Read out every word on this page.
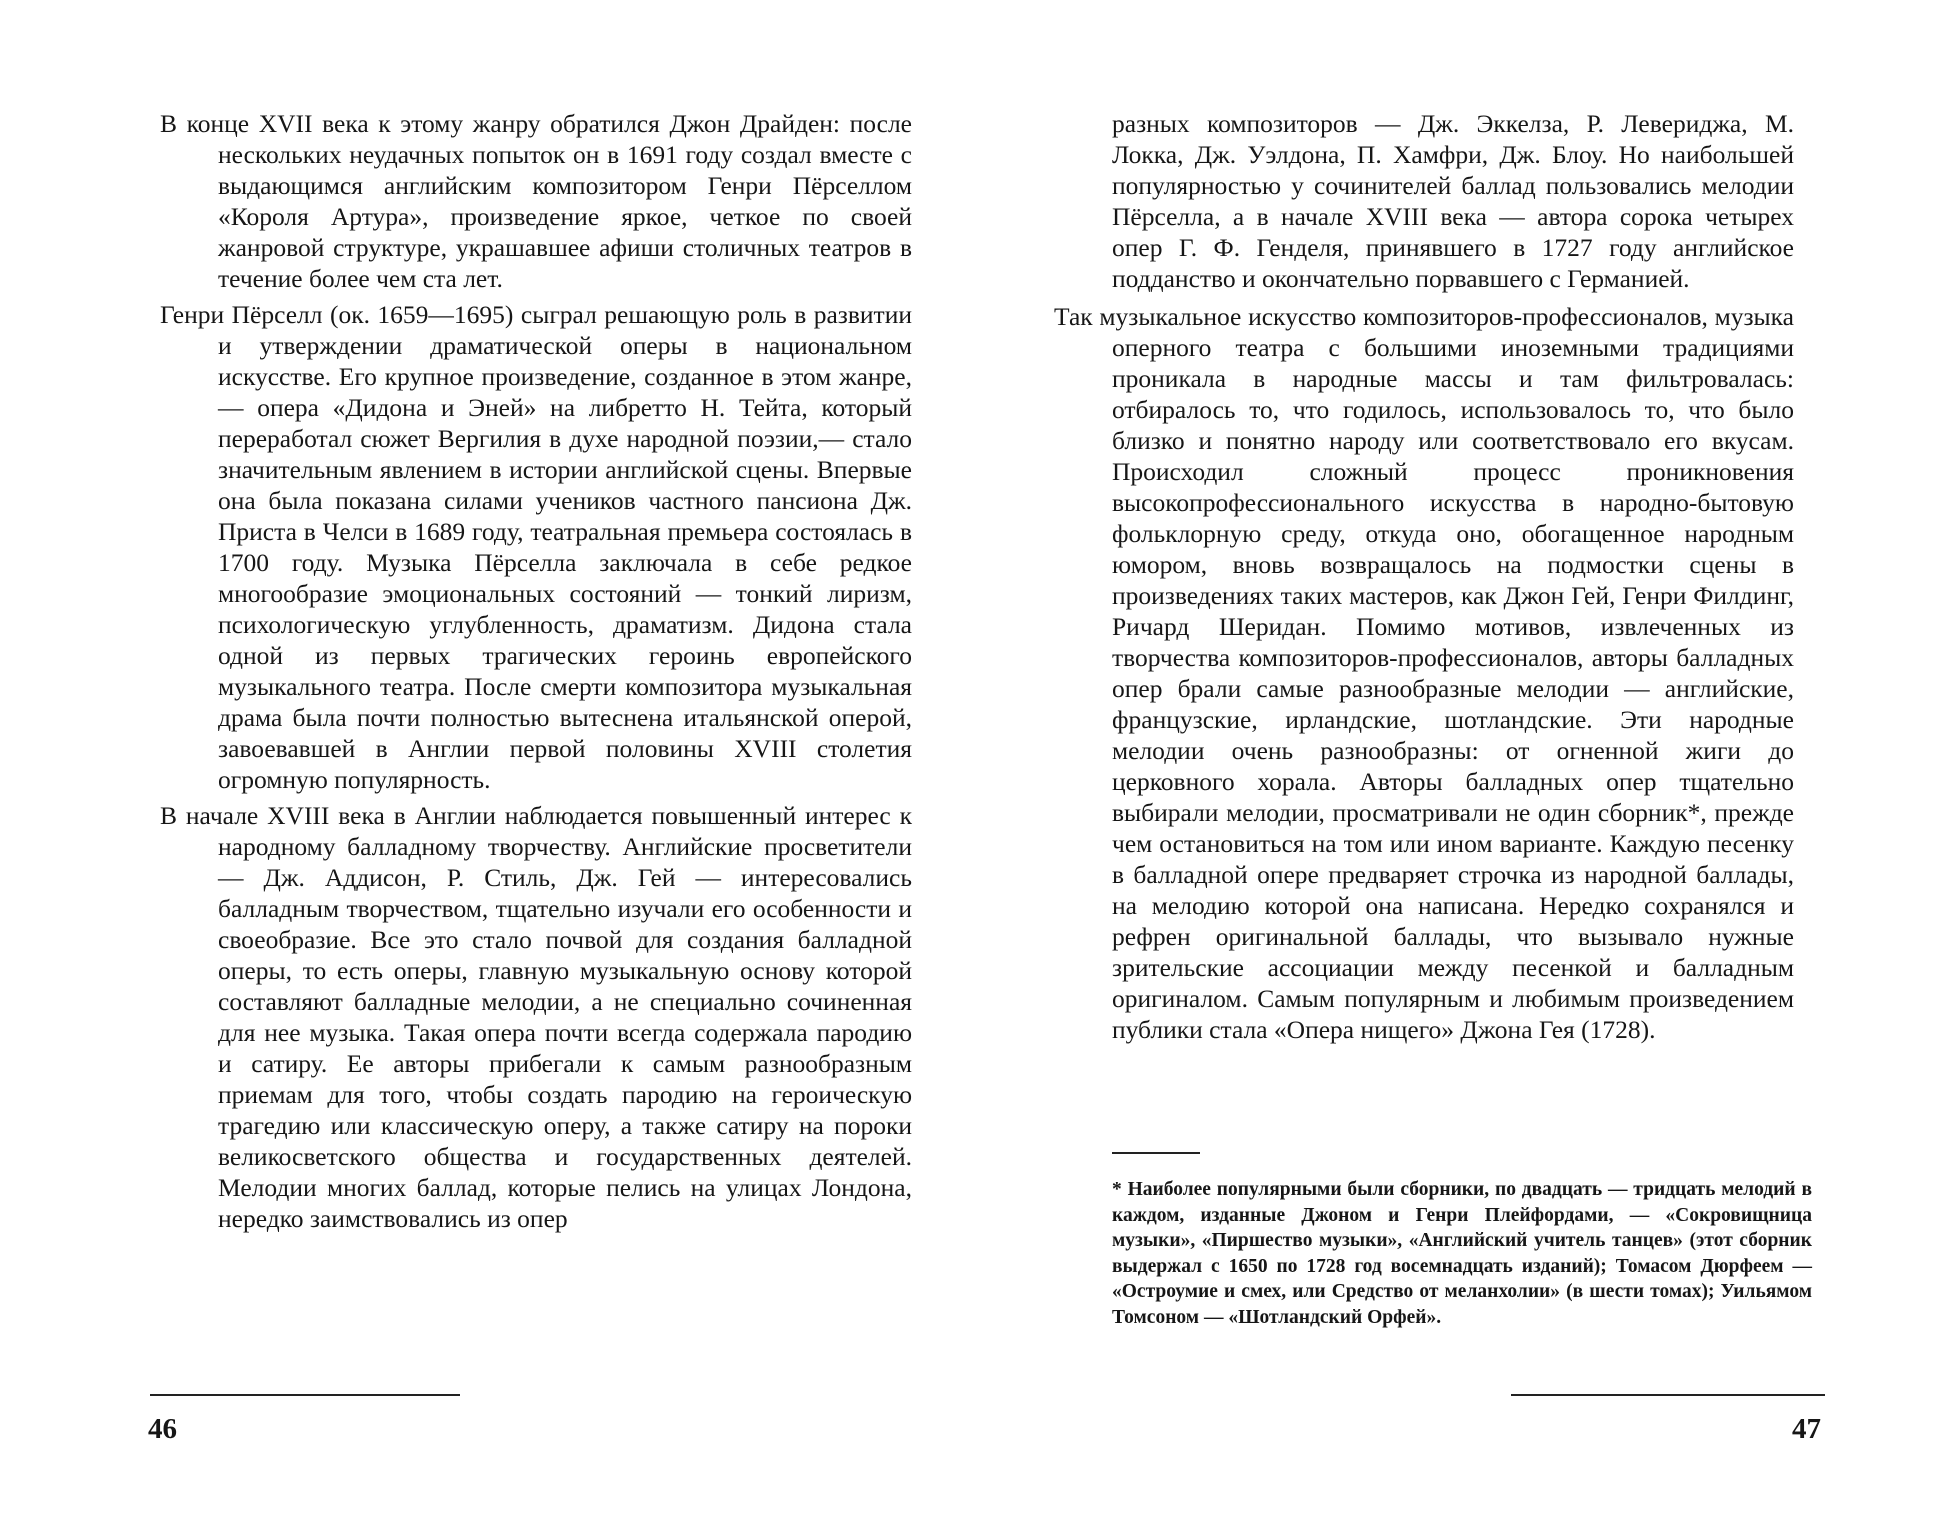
В конце XVII века к этому жанру обратился Джон Драйден: после нескольких неудачных попыток он в 1691 году создал вместе с выдающимся английским композитором Генри Пёрселлом «Короля Артура», произведение яркое, четкое по своей жанровой структуре, украшавшее афиши столичных театров в течение более чем ста лет.

Генри Пёрселл (ок. 1659—1695) сыграл решающую роль в развитии и утверждении драматической оперы в национальном искусстве. Его крупное произведение, созданное в этом жанре,— опера «Дидона и Эней» на либретто Н. Тейта, который переработал сюжет Вергилия в духе народной поэзии,— стало значительным явлением в истории английской сцены. Впервые она была показана силами учеников частного пансиона Дж. Приста в Челси в 1689 году, театральная премьера состоялась в 1700 году. Музыка Пёрселла заключала в себе редкое многообразие эмоциональных состояний — тонкий лиризм, психологическую углубленность, драматизм. Дидона стала одной из первых трагических героинь европейского музыкального театра. После смерти композитора музыкальная драма была почти полностью вытеснена итальянской оперой, завоевавшей в Англии первой половины XVIII столетия огромную популярность.

В начале XVIII века в Англии наблюдается повышенный интерес к народному балладному творчеству. Английские просветители — Дж. Аддисон, Р. Стиль, Дж. Гей — интересовались балладным творчеством, тщательно изучали его особенности и своеобразие. Все это стало почвой для создания балладной оперы, то есть оперы, главную музыкальную основу которой составляют балладные мелодии, а не специально сочиненная для нее музыка. Такая опера почти всегда содержала пародию и сатиру. Ее авторы прибегали к самым разнообразным приемам для того, чтобы создать пародию на героическую трагедию или классическую оперу, а также сатиру на пороки великосветского общества и государственных деятелей. Мелодии многих баллад, которые пелись на улицах Лондона, нередко заимствовались из опер

46

разных композиторов — Дж. Эккелза, Р. Левериджа, М. Локка, Дж. Уэлдона, П. Хамфри, Дж. Блоу. Но наибольшей популярностью у сочинителей баллад пользовались мелодии Пёрселла, а в начале XVIII века — автора сорока четырех опер Г. Ф. Генделя, принявшего в 1727 году английское подданство и окончательно порвавшего с Германией.

Так музыкальное искусство композиторов-профессионалов, музыка оперного театра с большими иноземными традициями проникала в народные массы и там фильтровалась: отбиралось то, что годилось, использовалось то, что было близко и понятно народу или соответствовало его вкусам. Происходил сложный процесс проникновения высокопрофессионального искусства в народно-бытовую фольклорную среду, откуда оно, обогащенное народным юмором, вновь возвращалось на подмостки сцены в произведениях таких мастеров, как Джон Гей, Генри Филдинг, Ричард Шеридан. Помимо мотивов, извлеченных из творчества композиторов-профессионалов, авторы балладных опер брали самые разнообразные мелодии — английские, французские, ирландские, шотландские. Эти народные мелодии очень разнообразны: от огненной жиги до церковного хорала. Авторы балладных опер тщательно выбирали мелодии, просматривали не один сборник*, прежде чем остановиться на том или ином варианте. Каждую песенку в балладной опере предваряет строчка из народной баллады, на мелодию которой она написана. Нередко сохранялся и рефрен оригинальной баллады, что вызывало нужные зрительские ассоциации между песенкой и балладным оригиналом. Самым популярным и любимым произведением публики стала «Опера нищего» Джона Гея (1728).

* Наиболее популярными были сборники, по двадцать — тридцать мелодий в каждом, изданные Джоном и Генри Плейфордами, — «Сокровищница музыки», «Пиршество музыки», «Английский учитель танцев» (этот сборник выдержал с 1650 по 1728 год восемнадцать изданий); Томасом Дюрфеем — «Остроумие и смех, или Средство от меланхолии» (в шести томах); Уильямом Томсоном — «Шотландский Орфей».

47
